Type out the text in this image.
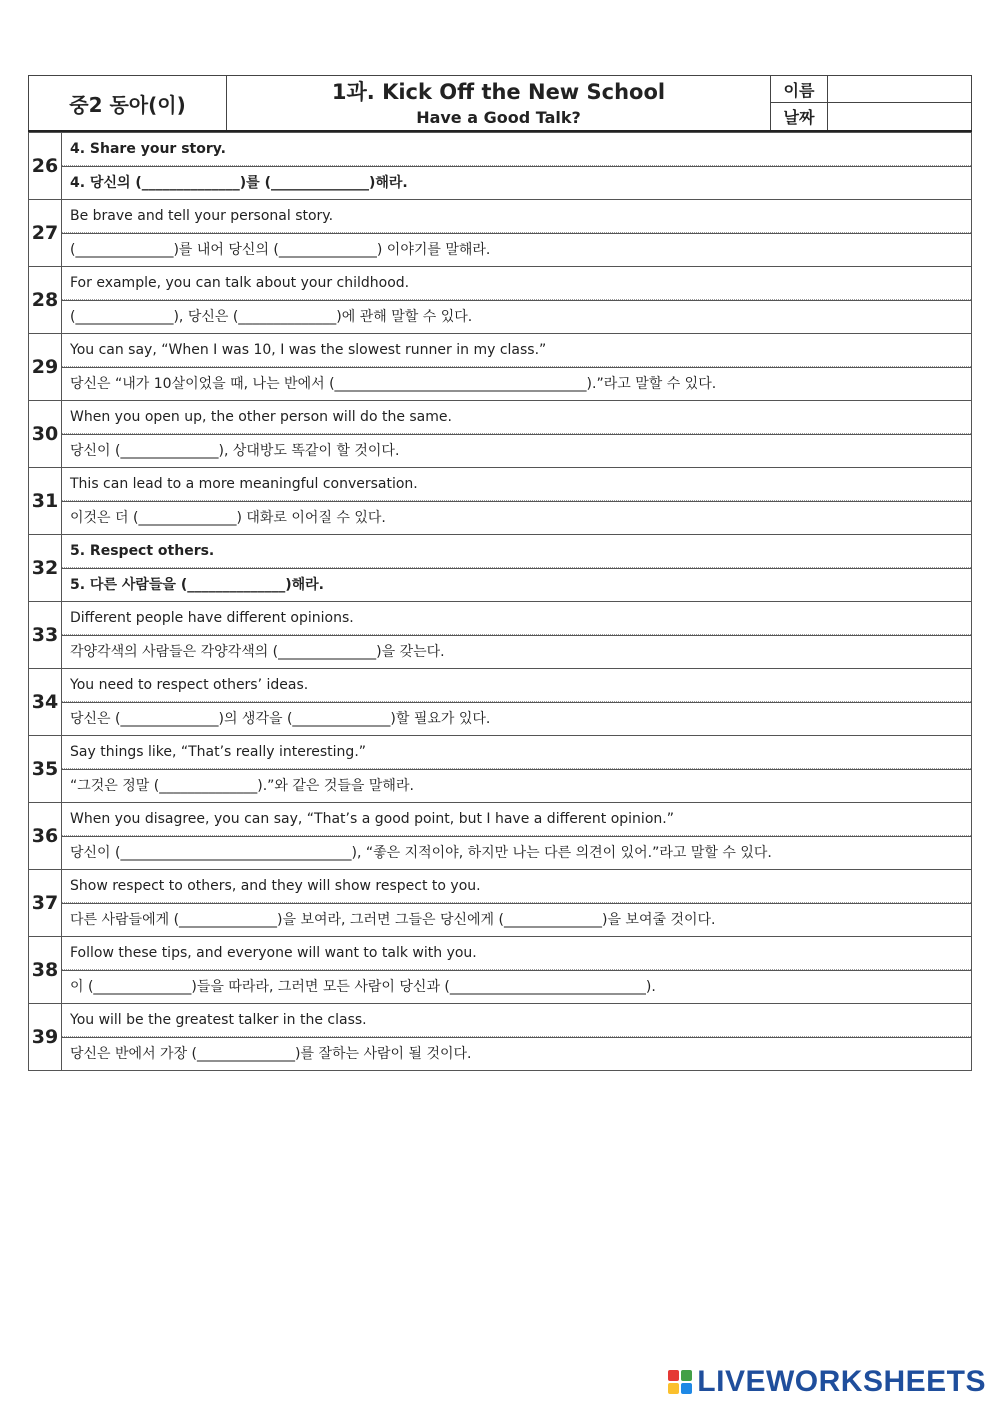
중2 동아(이)	1과. Kick Off the New School
Have a Good Talk?	이름	
		날짜	
26	4. Share your story.

	4. 당신의 (______________)를 (______________)해라.

27	Be brave and tell your personal story.

	(______________)를 내어 당신의 (______________) 이야기를 말해라.

28	For example, you can talk about your childhood.

	(______________), 당신은 (______________)에 관해 말할 수 있다.

29	You can say, “When I was 10, I was the slowest runner in my class.”

	당신은 “내가 10살이었을 때, 나는 반에서 (____________________________________).”라고 말할 수 있다.

30	When you open up, the other person will do the same.

	당신이 (______________), 상대방도 똑같이 할 것이다.

31	This can lead to a more meaningful conversation.

	이것은 더 (______________) 대화로 이어질 수 있다.

32	5. Respect others.

	5. 다른 사람들을 (______________)해라.

33	Different people have different opinions.

	각양각색의 사람들은 각양각색의 (______________)을 갖는다.

34	You need to respect others’ ideas.

	당신은 (______________)의 생각을 (______________)할 필요가 있다.

35	Say things like, “That’s really interesting.”

	“그것은 정말 (______________).”와 같은 것들을 말해라.

36	When you disagree, you can say, “That’s a good point, but I have a different opinion.”

	당신이 (_________________________________), “좋은 지적이야, 하지만 나는 다른 의견이 있어.”라고 말할 수 있다.

37	Show respect to others, and they will show respect to you.

	다른 사람들에게 (______________)을 보여라, 그러면 그들은 당신에게 (______________)을 보여줄 것이다.

38	Follow these tips, and everyone will want to talk with you.

	이 (______________)들을 따라라, 그러면 모든 사람이 당신과 (____________________________).

39	You will be the greatest talker in the class.

	당신은 반에서 가장 (______________)를 잘하는 사람이 될 것이다.
LIVEWORKSHEETS
